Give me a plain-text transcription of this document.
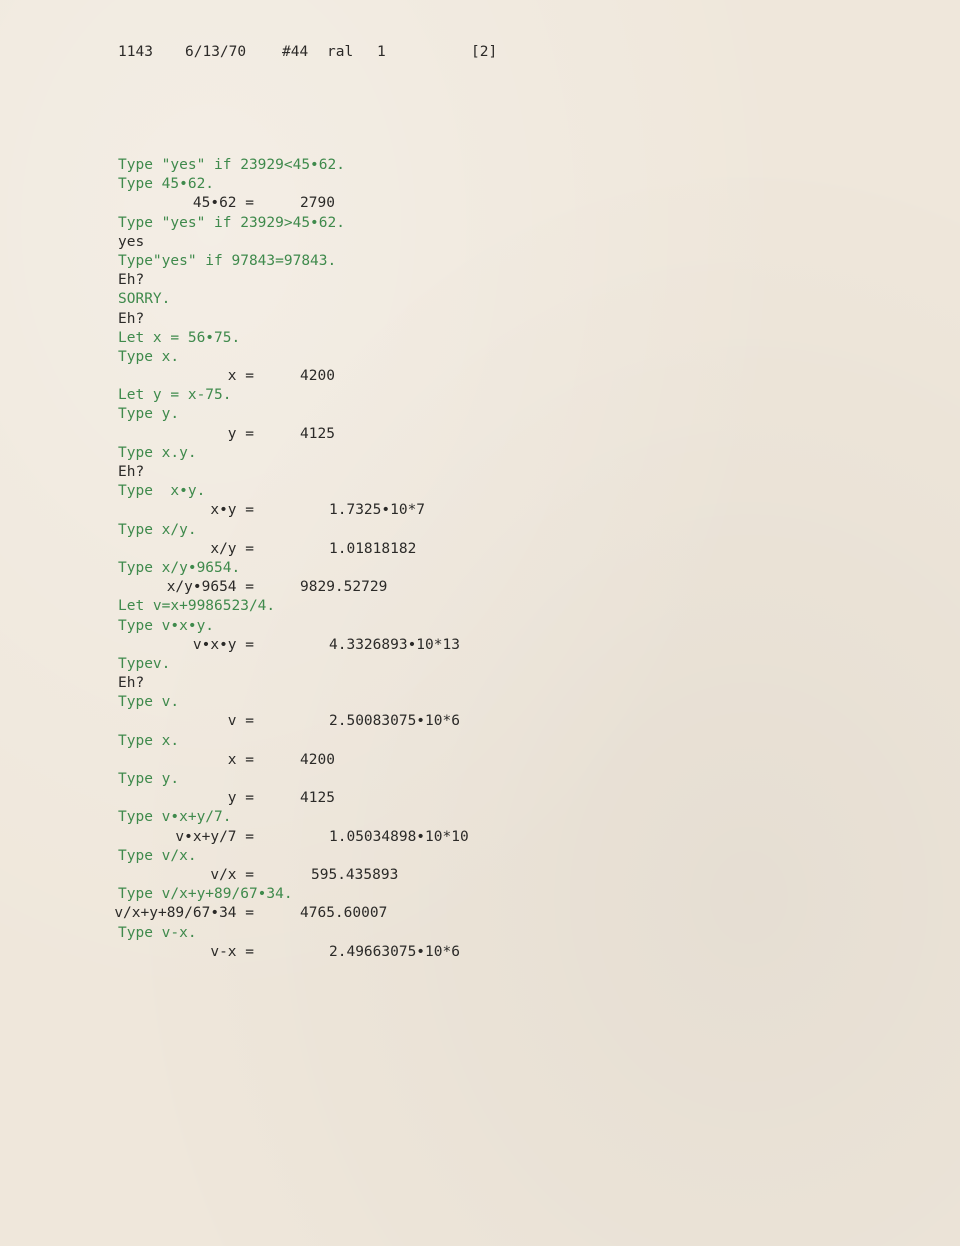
1143

6/13/70

#44

ral

1

	[2]

Type "yes" if 23929<45•62.
Type 45•62.
45•62 =	2790
Type "yes" if 23929>45•62.
yes
Type"yes" if 97843=97843.
Eh?
SORRY.
Eh?
Let x = 56•75.
Type x.
x =	4200
Let y = x-75.
Type y.
y =	4125
Type x.y.
Eh?
Type  x•y.
x•y =	1.7325•10*7
Type x/y.
x/y =	1.01818182
Type x/y•9654.
x/y•9654 =	9829.52729
Let v=x+9986523/4.
Type v•x•y.
v•x•y =	4.3326893•10*13
Typev.
Eh?
Type v.
v =	2.50083075•10*6
Type x.
x =	4200
Type y.
y =	4125
Type v•x+y/7.
v•x+y/7 =	1.05034898•10*10
Type v/x.
v/x =	595.435893
Type v/x+y+89/67•34.
v/x+y+89/67•34 =	4765.60007
Type v-x.
v-x =	2.49663075•10*6
